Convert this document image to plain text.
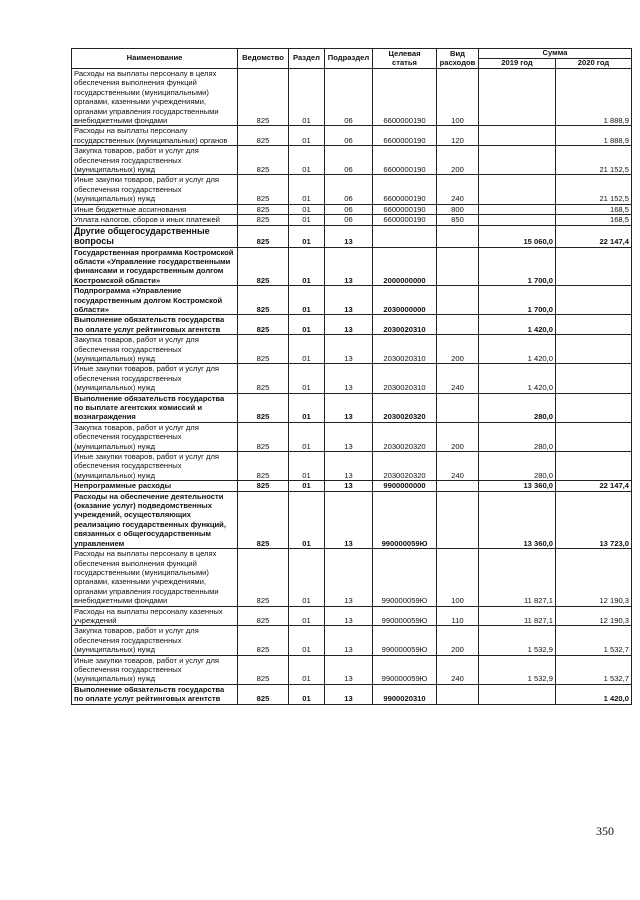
Наименование	Ведомство	Раздел	Подраздел	Целевая статья	Вид расходов	Сумма	
						2019 год	2020 год
Расходы на выплаты персоналу в целях обеспечения выполнения функций государственными (муниципальными) органами, казенными учреждениями, органами управления государственными внебюджетными фондами	825	01	06	6600000190	100		1 888,9
Расходы на выплаты персоналу государственных (муниципальных) органов	825	01	06	6600000190	120		1 888,9
Закупка товаров, работ и услуг для обеспечения государственных (муниципальных) нужд	825	01	06	6600000190	200		21 152,5
Иные закупки товаров, работ и услуг для обеспечения государственных (муниципальных) нужд	825	01	06	6600000190	240		21 152,5
Иные бюджетные ассигнования	825	01	06	6600000190	800		168,5
Уплата налогов, сборов и иных платежей	825	01	06	6600000190	850		168,5
Другие общегосударственные вопросы	825	01	13			15 060,0	22 147,4
Государственная программа Костромской области «Управление государственными финансами и государственным долгом Костромской области»	825	01	13	2000000000		1 700,0	
Подпрограмма «Управление государственным долгом Костромской области»	825	01	13	2030000000		1 700,0	
Выполнение обязательств государства по оплате услуг рейтинговых агентств	825	01	13	2030020310		1 420,0	
Закупка товаров, работ и услуг для обеспечения государственных (муниципальных) нужд	825	01	13	2030020310	200	1 420,0	
Иные закупки товаров, работ и услуг для обеспечения государственных (муниципальных) нужд	825	01	13	2030020310	240	1 420,0	
Выполнение обязательств государства по выплате агентских комиссий и вознаграждения	825	01	13	2030020320		280,0	
Закупка товаров, работ и услуг для обеспечения государственных (муниципальных) нужд	825	01	13	2030020320	200	280,0	
Иные закупки товаров, работ и услуг для обеспечения государственных (муниципальных) нужд	825	01	13	2030020320	240	280,0	
Непрограммные расходы	825	01	13	9900000000		13 360,0	22 147,4
Расходы на обеспечение деятельности (оказание услуг) подведомственных учреждений, осуществляющих реализацию государственных функций, связанных с общегосударственным управлением	825	01	13	990000059Ю		13 360,0	13 723,0
Расходы на выплаты персоналу в целях обеспечения выполнения функций государственными (муниципальными) органами, казенными учреждениями, органами управления государственными внебюджетными фондами	825	01	13	990000059Ю	100	11 827,1	12 190,3
Расходы на выплаты персоналу казенных учреждений	825	01	13	990000059Ю	110	11 827,1	12 190,3
Закупка товаров, работ и услуг для обеспечения государственных (муниципальных) нужд	825	01	13	990000059Ю	200	1 532,9	1 532,7
Иные закупки товаров, работ и услуг для обеспечения государственных (муниципальных) нужд	825	01	13	990000059Ю	240	1 532,9	1 532,7
Выполнение обязательств государства по оплате услуг рейтинговых агентств	825	01	13	9900020310			1 420,0
350
